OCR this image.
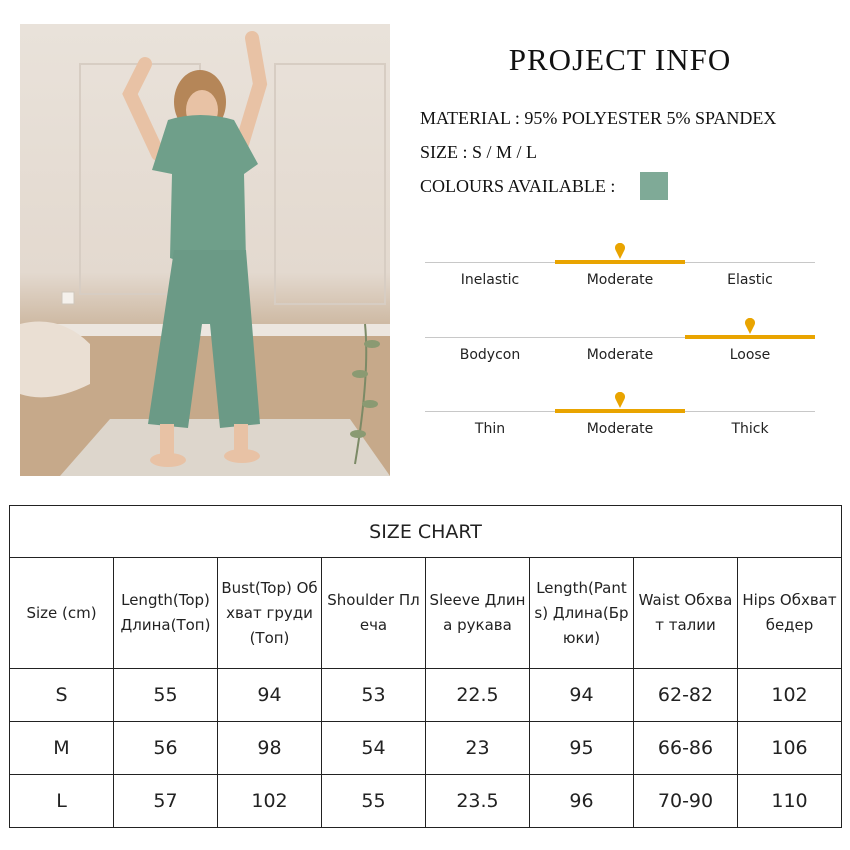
PROJECT INFO
MATERIAL : 95% POLYESTER 5% SPANDEX
SIZE : S / M / L
COLOURS AVAILABLE :
Inelastic	Moderate	Elastic
Bodycon	Moderate	Loose
Thin	Moderate	Thick
SIZE CHART							
Size (cm)	Length(Top) Длина(Топ)	Bust(Top) Обхват груди(Топ)	Shoulder Плеча	Sleeve Длина рукава	Length(Pants) Длина(Брюки)	Waist Обхват талии	Hips Обхват бедер
S	55	94	53	22.5	94	62-82	102
M	56	98	54	23	95	66-86	106
L	57	102	55	23.5	96	70-90	110
